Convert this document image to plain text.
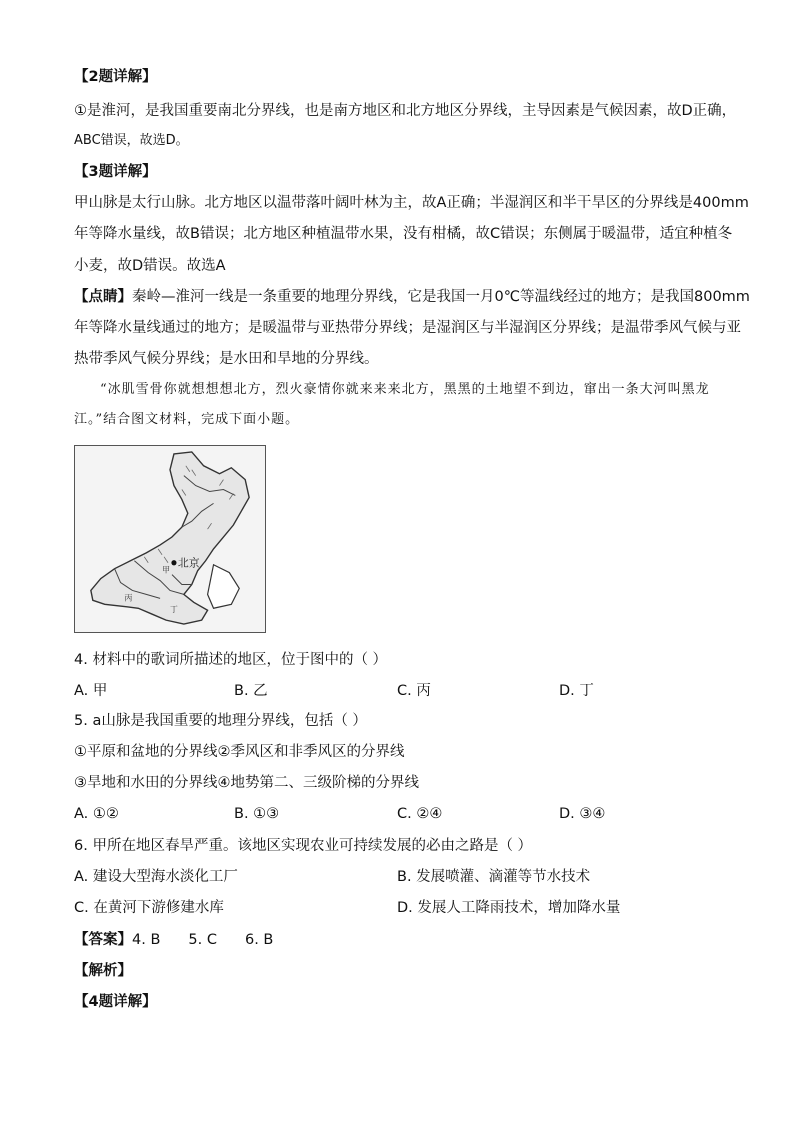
【2题详解】
①是淮河，是我国重要南北分界线，也是南方地区和北方地区分界线，主导因素是气候因素，故D正确，
ABC错误，故选D。
【3题详解】
甲山脉是太行山脉。北方地区以温带落叶阔叶林为主，故A正确；半湿润区和半干旱区的分界线是400mm
年等降水量线，故B错误；北方地区种植温带水果，没有柑橘，故C错误；东侧属于暖温带，适宜种植冬
小麦，故D错误。故选A
【点睛】秦岭—淮河一线是一条重要的地理分界线，它是我国一月0℃等温线经过的地方；是我国800mm
年等降水量线通过的地方；是暖温带与亚热带分界线；是湿润区与半湿润区分界线；是温带季风气候与亚
热带季风气候分界线；是水田和旱地的分界线。
“冰肌雪骨你就想想想北方，烈火豪情你就来来来北方，黑黑的土地望不到边，窜出一条大河叫黑龙
江。”结合图文材料，完成下面小题。
北京
甲
丙
丁
4. 材料中的歌词所描述的地区，位于图中的（ ）
A. 甲	B. 乙	C. 丙	D. 丁
5. a山脉是我国重要的地理分界线，包括（ ）
①平原和盆地的分界线②季风区和非季风区的分界线
③旱地和水田的分界线④地势第二、三级阶梯的分界线
A. ①②	B. ①③	C. ②④	D. ③④
6. 甲所在地区春旱严重。该地区实现农业可持续发展的必由之路是（ ）
A. 建设大型海水淡化工厂	B. 发展喷灌、滴灌等节水技术
C. 在黄河下游修建水库	D. 发展人工降雨技术，增加降水量
【答案】4. B 5. C 6. B
【解析】
【4题详解】
